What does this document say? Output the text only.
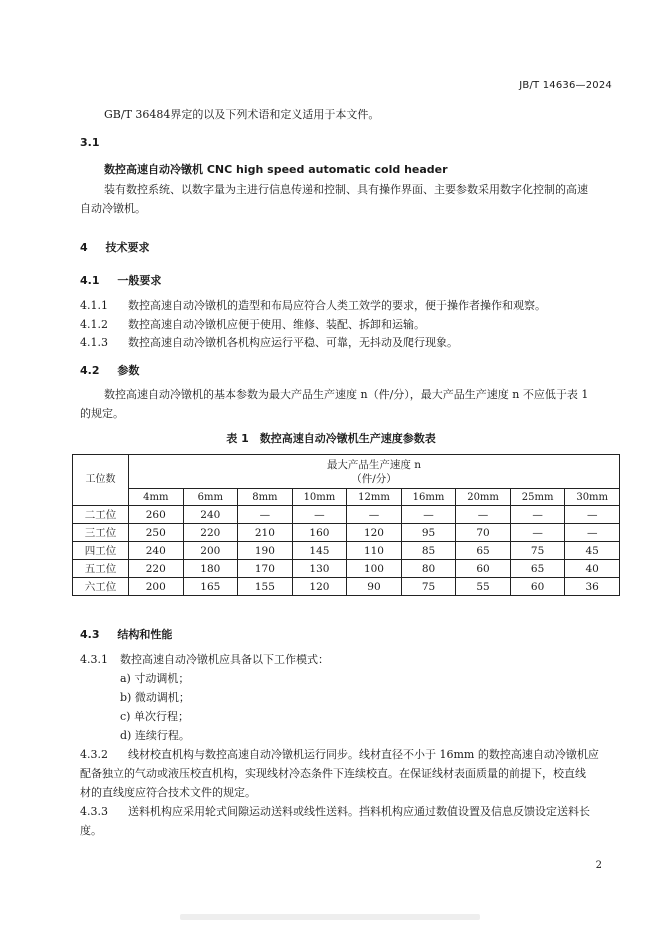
JB/T 14636—2024
GB/T 36484界定的以及下列术语和定义适用于本文件。
3.1
数控高速自动冷镦机 CNC high speed automatic cold header
装有数控系统、以数字量为主进行信息传递和控制、具有操作界面、主要参数采用数字化控制的高速
自动冷镦机。
4 技术要求
4.1 一般要求
4.1.1 数控高速自动冷镦机的造型和布局应符合人类工效学的要求，便于操作者操作和观察。
4.1.2 数控高速自动冷镦机应便于使用、维修、装配、拆卸和运输。
4.1.3 数控高速自动冷镦机各机构应运行平稳、可靠，无抖动及爬行现象。
4.2 参数
数控高速自动冷镦机的基本参数为最大产品生产速度 n（件/分），最大产品生产速度 n 不应低于表 1
的规定。
表 1　数控高速自动冷镦机生产速度参数表
工位数	最大产品生产速度 n
（件/分）								

	4mm	6mm	8mm	10mm	12mm	16mm	20mm	25mm	30mm
二工位	260	240	—	—	—	—	—	—	—
三工位	250	220	210	160	120	95	70	—	—
四工位	240	200	190	145	110	85	65	75	45
五工位	220	180	170	130	100	80	60	65	40
六工位	200	165	155	120	90	75	55	60	36
4.3 结构和性能
4.3.1 数控高速自动冷镦机应具备以下工作模式：
a) 寸动调机；
b) 微动调机；
c) 单次行程；
d) 连续行程。
4.3.2 线材校直机构与数控高速自动冷镦机运行同步。线材直径不小于 16mm 的数控高速自动冷镦机应
配备独立的气动或液压校直机构，实现线材冷态条件下连续校直。在保证线材表面质量的前提下，校直线
材的直线度应符合技术文件的规定。
4.3.3 送料机构应采用轮式间隙运动送料或线性送料。挡料机构应通过数值设置及信息反馈设定送料长
度。
2
